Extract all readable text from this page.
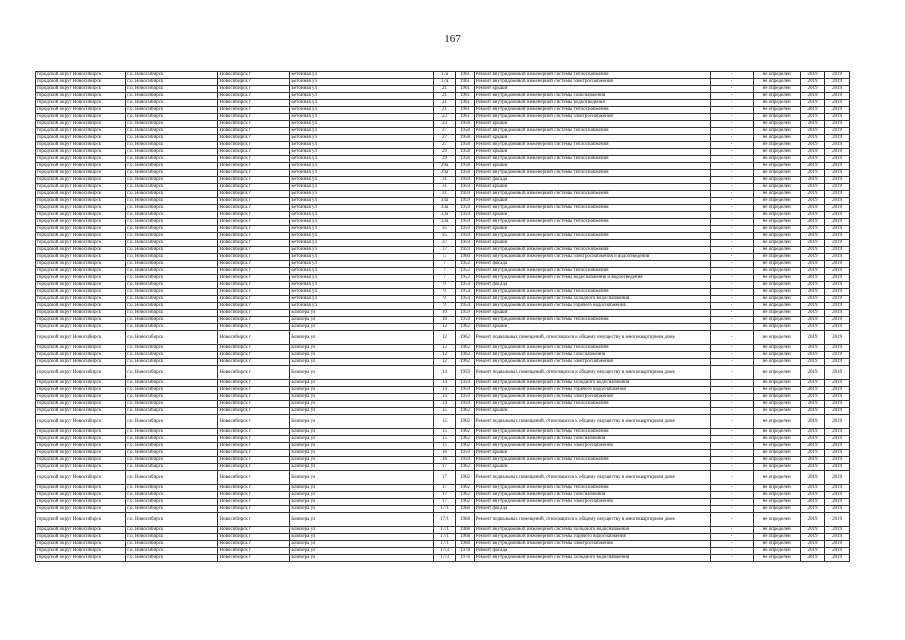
167
городской округ Новосибирск	г.о. Новосибирск	Новосибирск г	Бетонная ул	17а	1961	Ремонт внутридомовой инженерной системы теплоснабжения	-	не определен	2019	2019
городской округ Новосибирск	г.о. Новосибирск	Новосибирск г	Бетонная ул	17а	1961	Ремонт внутридомовой инженерной системы электроснабжения	-	не определен	2019	2019
городской округ Новосибирск	г.о. Новосибирск	Новосибирск г	Бетонная ул	21	1961	Ремонт крыши	-	не определен	2019	2019
городской округ Новосибирск	г.о. Новосибирск	Новосибирск г	Бетонная ул	21	1961	Ремонт внутридомовой инженерной системы газоснабжения	-	не определен	2019	2019
городской округ Новосибирск	г.о. Новосибирск	Новосибирск г	Бетонная ул	21	1961	Ремонт внутридомовой инженерной системы водоотведения	-	не определен	2019	2019
городской округ Новосибирск	г.о. Новосибирск	Новосибирск г	Бетонная ул	21	1961	Ремонт внутридомовой инженерной системы теплоснабжения	-	не определен	2019	2019
городской округ Новосибирск	г.о. Новосибирск	Новосибирск г	Бетонная ул	23	1961	Ремонт внутридомовой инженерной системы электроснабжения	-	не определен	2019	2019
городской округ Новосибирск	г.о. Новосибирск	Новосибирск г	Бетонная ул	23	1958	Ремонт крыши	-	не определен	2019	2019
городской округ Новосибирск	г.о. Новосибирск	Новосибирск г	Бетонная ул	27	1958	Ремонт внутридомовой инженерной системы теплоснабжения	-	не определен	2019	2019
городской округ Новосибирск	г.о. Новосибирск	Новосибирск г	Бетонная ул	27	1958	Ремонт крыши	-	не определен	2019	2019
городской округ Новосибирск	г.о. Новосибирск	Новосибирск г	Бетонная ул	27	1958	Ремонт внутридомовой инженерной системы теплоснабжения	-	не определен	2019	2019
городской округ Новосибирск	г.о. Новосибирск	Новосибирск г	Бетонная ул	29	1958	Ремонт крыши	-	не определен	2019	2019
городской округ Новосибирск	г.о. Новосибирск	Новосибирск г	Бетонная ул	29	1958	Ремонт внутридомовой инженерной системы теплоснабжения	-	не определен	2019	2019
городской округ Новосибирск	г.о. Новосибирск	Новосибирск г	Бетонная ул	29а	1958	Ремонт крыши	-	не определен	2019	2019
городской округ Новосибирск	г.о. Новосибирск	Новосибирск г	Бетонная ул	29а	1958	Ремонт внутридомовой инженерной системы теплоснабжения	-	не определен	2019	2019
городской округ Новосибирск	г.о. Новосибирск	Новосибирск г	Бетонная ул	31	1959	Ремонт фасада	-	не определен	2019	2019
городской округ Новосибирск	г.о. Новосибирск	Новосибирск г	Бетонная ул	31	1959	Ремонт крыши	-	не определен	2019	2019
городской округ Новосибирск	г.о. Новосибирск	Новосибирск г	Бетонная ул	31	1959	Ремонт внутридомовой инженерной системы теплоснабжения	-	не определен	2019	2019
городской округ Новосибирск	г.о. Новосибирск	Новосибирск г	Бетонная ул	33а	1959	Ремонт крыши	-	не определен	2019	2019
городской округ Новосибирск	г.о. Новосибирск	Новосибирск г	Бетонная ул	33а	1959	Ремонт внутридомовой инженерной системы теплоснабжения	-	не определен	2019	2019
городской округ Новосибирск	г.о. Новосибирск	Новосибирск г	Бетонная ул	33а	1959	Ремонт крыши	-	не определен	2019	2019
городской округ Новосибирск	г.о. Новосибирск	Новосибирск г	Бетонная ул	33а	1959	Ремонт внутридомовой инженерной системы теплоснабжения	-	не определен	2019	2019
городской округ Новосибирск	г.о. Новосибирск	Новосибирск г	Бетонная ул	35	1959	Ремонт крыши	-	не определен	2019	2019
городской округ Новосибирск	г.о. Новосибирск	Новосибирск г	Бетонная ул	35	1959	Ремонт внутридомовой инженерной системы теплоснабжения	-	не определен	2019	2019
городской округ Новосибирск	г.о. Новосибирск	Новосибирск г	Бетонная ул	37	1959	Ремонт крыши	-	не определен	2019	2019
городской округ Новосибирск	г.о. Новосибирск	Новосибирск г	Бетонная ул	37	1959	Ремонт внутридомовой инженерной системы теплоснабжения	-	не определен	2019	2019
городской округ Новосибирск	г.о. Новосибирск	Новосибирск г	Бетонная ул	5	1960	Ремонт внутридомовой инженерной системы электроснабжения и водоотведения	-	не определен	2019	2019
городской округ Новосибирск	г.о. Новосибирск	Новосибирск г	Бетонная ул	7	1952	Ремонт фасада	-	не определен	2019	2019
городской округ Новосибирск	г.о. Новосибирск	Новосибирск г	Бетонная ул	7	1952	Ремонт внутридомовой инженерной системы теплоснабжения	-	не определен	2019	2019
городской округ Новосибирск	г.о. Новосибирск	Новосибирск г	Бетонная ул	7	1952	Ремонт внутридомовой инженерной системы водоснабжения и водоотведения	-	не определен	2019	2019
городской округ Новосибирск	г.о. Новосибирск	Новосибирск г	Бетонная ул	9	1954	Ремонт фасада	-	не определен	2019	2019
городской округ Новосибирск	г.о. Новосибирск	Новосибирск г	Бетонная ул	9	1954	Ремонт внутридомовой инженерной системы теплоснабжения	-	не определен	2019	2019
городской округ Новосибирск	г.о. Новосибирск	Новосибирск г	Бетонная ул	9	1954	Ремонт внутридомовой инженерной системы холодного водоснабжения	-	не определен	2019	2019
городской округ Новосибирск	г.о. Новосибирск	Новосибирск г	Бетонная ул	9	1954	Ремонт внутридомовой инженерной системы горячего водоснабжения	-	не определен	2019	2019
городской округ Новосибирск	г.о. Новосибирск	Новосибирск г	Блюхера ул	10	1959	Ремонт крыши	-	не определен	2019	2019
городской округ Новосибирск	г.о. Новосибирск	Новосибирск г	Блюхера ул	10	1959	Ремонт внутридомовой инженерной системы теплоснабжения	-	не определен	2019	2019
городской округ Новосибирск	г.о. Новосибирск	Новосибирск г	Блюхера ул	12	1962	Ремонт крыши	-	не определен	2019	2019
городской округ Новосибирск	г.о. Новосибирск	Новосибирск г	Блюхера ул	12	1962	Ремонт подвальных помещений, относящихся к общему имуществу в многоквартирном доме	-	не определен	2019	2019
городской округ Новосибирск	г.о. Новосибирск	Новосибирск г	Блюхера ул	12	1962	Ремонт внутридомовой инженерной системы теплоснабжения	-	не определен	2019	2019
городской округ Новосибирск	г.о. Новосибирск	Новосибирск г	Блюхера ул	12	1962	Ремонт внутридомовой инженерной системы газоснабжения	-	не определен	2019	2019
городской округ Новосибирск	г.о. Новосибирск	Новосибирск г	Блюхера ул	12	1962	Ремонт внутридомовой инженерной системы электроснабжения	-	не определен	2019	2019
городской округ Новосибирск	г.о. Новосибирск	Новосибирск г	Блюхера ул	14	1959	Ремонт подвальных помещений, относящихся к общему имуществу в многоквартирном доме	-	не определен	2019	2019
городской округ Новосибирск	г.о. Новосибирск	Новосибирск г	Блюхера ул	14	1959	Ремонт внутридомовой инженерной системы холодного водоснабжения	-	не определен	2019	2019
городской округ Новосибирск	г.о. Новосибирск	Новосибирск г	Блюхера ул	14	1959	Ремонт внутридомовой инженерной системы горячего водоснабжения	-	не определен	2019	2019
городской округ Новосибирск	г.о. Новосибирск	Новосибирск г	Блюхера ул	14	1959	Ремонт внутридомовой инженерной системы электроснабжения	-	не определен	2019	2019
городской округ Новосибирск	г.о. Новосибирск	Новосибирск г	Блюхера ул	14	1959	Ремонт внутридомовой инженерной системы теплоснабжения	-	не определен	2019	2019
городской округ Новосибирск	г.о. Новосибирск	Новосибирск г	Блюхера ул	15	1962	Ремонт крыши	-	не определен	2019	2019
городской округ Новосибирск	г.о. Новосибирск	Новосибирск г	Блюхера ул	15	1962	Ремонт подвальных помещений, относящихся к общему имуществу в многоквартирном доме	-	не определен	2019	2019
городской округ Новосибирск	г.о. Новосибирск	Новосибирск г	Блюхера ул	15	1962	Ремонт внутридомовой инженерной системы теплоснабжения	-	не определен	2019	2019
городской округ Новосибирск	г.о. Новосибирск	Новосибирск г	Блюхера ул	15	1962	Ремонт внутридомовой инженерной системы газоснабжения	-	не определен	2019	2019
городской округ Новосибирск	г.о. Новосибирск	Новосибирск г	Блюхера ул	15	1962	Ремонт внутридомовой инженерной системы электроснабжения	-	не определен	2019	2019
городской округ Новосибирск	г.о. Новосибирск	Новосибирск г	Блюхера ул	16	1959	Ремонт крыши	-	не определен	2019	2019
городской округ Новосибирск	г.о. Новосибирск	Новосибирск г	Блюхера ул	16	1959	Ремонт внутридомовой инженерной системы теплоснабжения	-	не определен	2019	2019
городской округ Новосибирск	г.о. Новосибирск	Новосибирск г	Блюхера ул	17	1962	Ремонт крыши	-	не определен	2019	2019
городской округ Новосибирск	г.о. Новосибирск	Новосибирск г	Блюхера ул	17	1962	Ремонт подвальных помещений, относящихся к общему имуществу в многоквартирном доме	-	не определен	2019	2019
городской округ Новосибирск	г.о. Новосибирск	Новосибирск г	Блюхера ул	17	1962	Ремонт внутридомовой инженерной системы теплоснабжения	-	не определен	2019	2019
городской округ Новосибирск	г.о. Новосибирск	Новосибирск г	Блюхера ул	17	1962	Ремонт внутридомовой инженерной системы газоснабжения	-	не определен	2019	2019
городской округ Новосибирск	г.о. Новосибирск	Новосибирск г	Блюхера ул	17	1962	Ремонт внутридомовой инженерной системы электроснабжения	-	не определен	2019	2019
городской округ Новосибирск	г.о. Новосибирск	Новосибирск г	Блюхера ул	17/1	1968	Ремонт фасада	-	не определен	2019	2019
городской округ Новосибирск	г.о. Новосибирск	Новосибирск г	Блюхера ул	17/1	1968	Ремонт подвальных помещений, относящихся к общему имуществу в многоквартирном доме	-	не определен	2019	2019
городской округ Новосибирск	г.о. Новосибирск	Новосибирск г	Блюхера ул	17/1	1968	Ремонт внутридомовой инженерной системы холодного водоснабжения	-	не определен	2019	2019
городской округ Новосибирск	г.о. Новосибирск	Новосибирск г	Блюхера ул	17/1	1968	Ремонт внутридомовой инженерной системы горячего водоснабжения	-	не определен	2019	2019
городской округ Новосибирск	г.о. Новосибирск	Новосибирск г	Блюхера ул	17/1	1968	Ремонт внутридомовой инженерной системы электроснабжения	-	не определен	2019	2019
городской округ Новосибирск	г.о. Новосибирск	Новосибирск г	Блюхера ул	17/3	1978	Ремонт фасада	-	не определен	2019	2019
городской округ Новосибирск	г.о. Новосибирск	Новосибирск г	Блюхера ул	17/3	1978	Ремонт внутридомовой инженерной системы холодного водоснабжения	-	не определен	2019	2019
